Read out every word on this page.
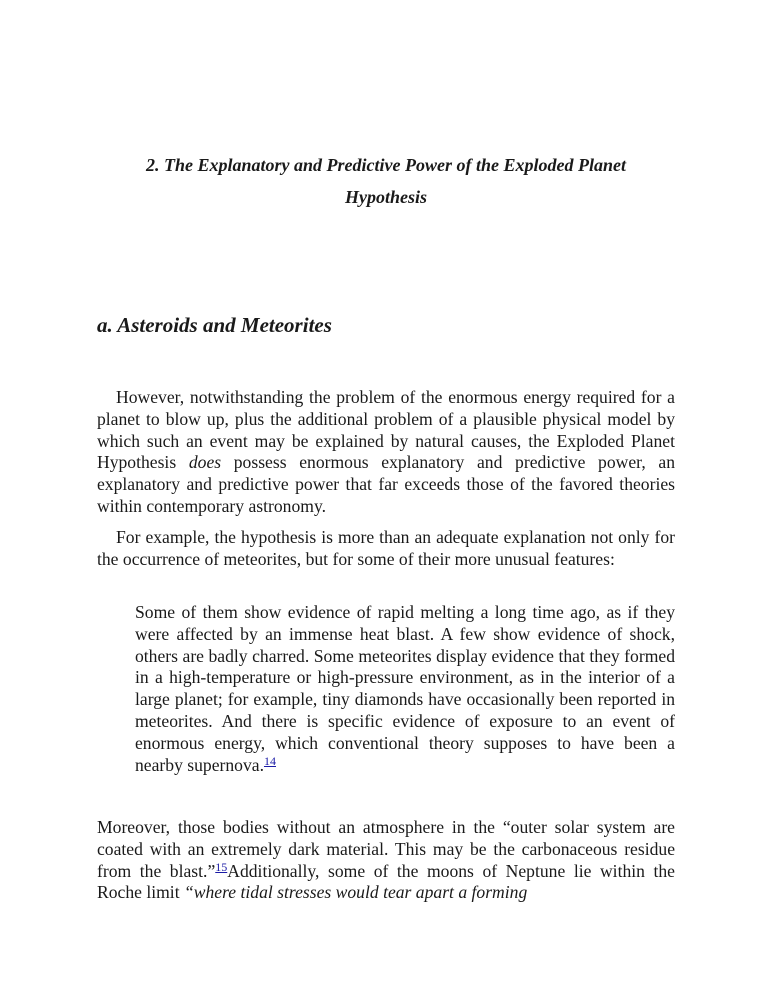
2. The Explanatory and Predictive Power of the Exploded Planet
Hypothesis
a. Asteroids and Meteorites

However, notwithstanding the problem of the enormous energy required for a planet to blow up, plus the additional problem of a plausible physical model by which such an event may be explained by natural causes, the Exploded Planet Hypothesis does possess enormous explanatory and predictive power, an explanatory and predictive power that far exceeds those of the favored theories within contemporary astronomy.

For example, the hypothesis is more than an adequate explanation not only for the occurrence of meteorites, but for some of their more unusual features:

Some of them show evidence of rapid melting a long time ago, as if they were affected by an immense heat blast. A few show evidence of shock, others are badly charred. Some meteorites display evidence that they formed in a high-temperature or high-pressure environment, as in the interior of a large planet; for example, tiny diamonds have occasionally been reported in meteorites. And there is specific evidence of exposure to an event of enormous energy, which conventional theory supposes to have been a nearby supernova.$^{14}$

Moreover, those bodies without an atmosphere in the “outer solar system are coated with an extremely dark material. This may be the carbonaceous residue from the blast.”$^{15}$Additionally, some of the moons of Neptune lie within the Roche limit “where tidal stresses would tear apart a forming
